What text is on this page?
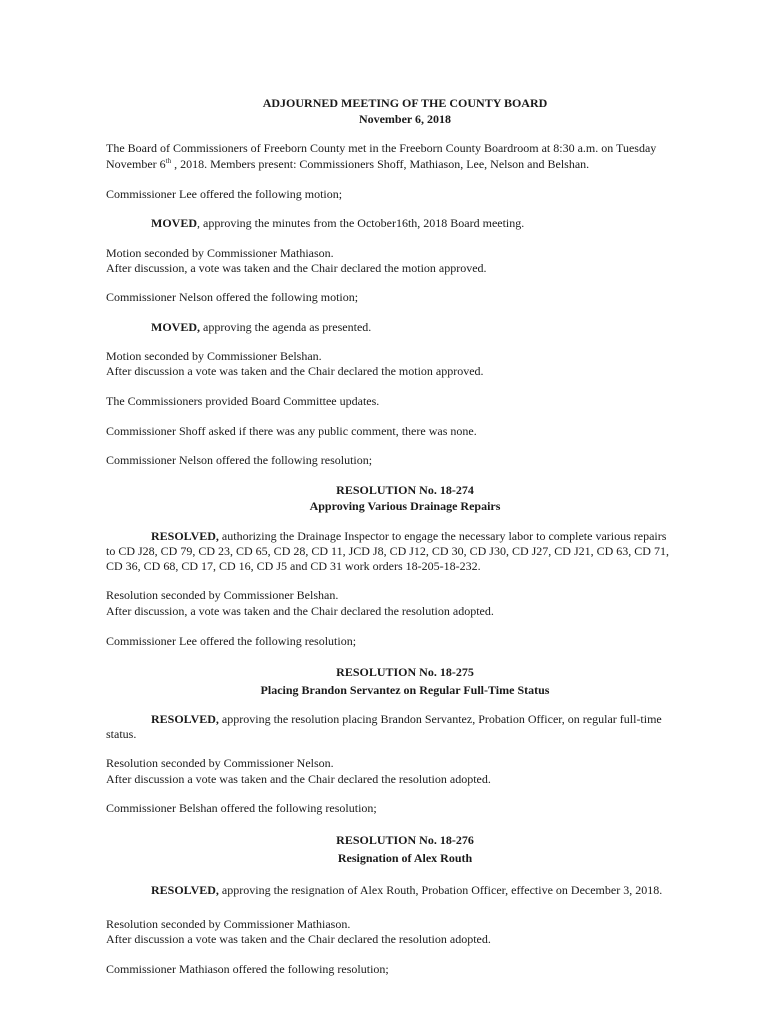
ADJOURNED MEETING OF THE COUNTY BOARD
November 6, 2018
The Board of Commissioners of Freeborn County met in the Freeborn County Boardroom at 8:30 a.m. on Tuesday
November 6th , 2018. Members present: Commissioners Shoff, Mathiason, Lee, Nelson and Belshan.
Commissioner Lee offered the following motion;
MOVED, approving the minutes from the October16th, 2018 Board meeting.
Motion seconded by Commissioner Mathiason.
After discussion, a vote was taken and the Chair declared the motion approved.
Commissioner Nelson offered the following motion;
MOVED, approving the agenda as presented.
Motion seconded by Commissioner Belshan.
After discussion a vote was taken and the Chair declared the motion approved.
The Commissioners provided Board Committee updates.
Commissioner Shoff asked if there was any public comment, there was none.
Commissioner Nelson offered the following resolution;
RESOLUTION No. 18-274
Approving Various Drainage Repairs
RESOLVED, authorizing the Drainage Inspector to engage the necessary labor to complete various repairs
to CD J28, CD 79, CD 23, CD 65, CD 28, CD 11, JCD J8, CD J12, CD 30, CD J30, CD J27, CD J21, CD 63, CD 71,
CD 36, CD 68, CD 17, CD 16, CD J5 and CD 31 work orders 18-205-18-232.
Resolution seconded by Commissioner Belshan.
After discussion, a vote was taken and the Chair declared the resolution adopted.
Commissioner Lee offered the following resolution;
RESOLUTION No. 18-275
Placing Brandon Servantez on Regular Full-Time Status
RESOLVED, approving the resolution placing Brandon Servantez, Probation Officer, on regular full-time
status.
Resolution seconded by Commissioner Nelson.
After discussion a vote was taken and the Chair declared the resolution adopted.
Commissioner Belshan offered the following resolution;
RESOLUTION No. 18-276
Resignation of Alex Routh
RESOLVED, approving the resignation of Alex Routh, Probation Officer, effective on December 3, 2018.
Resolution seconded by Commissioner Mathiason.
After discussion a vote was taken and the Chair declared the resolution adopted.
Commissioner Mathiason offered the following resolution;
